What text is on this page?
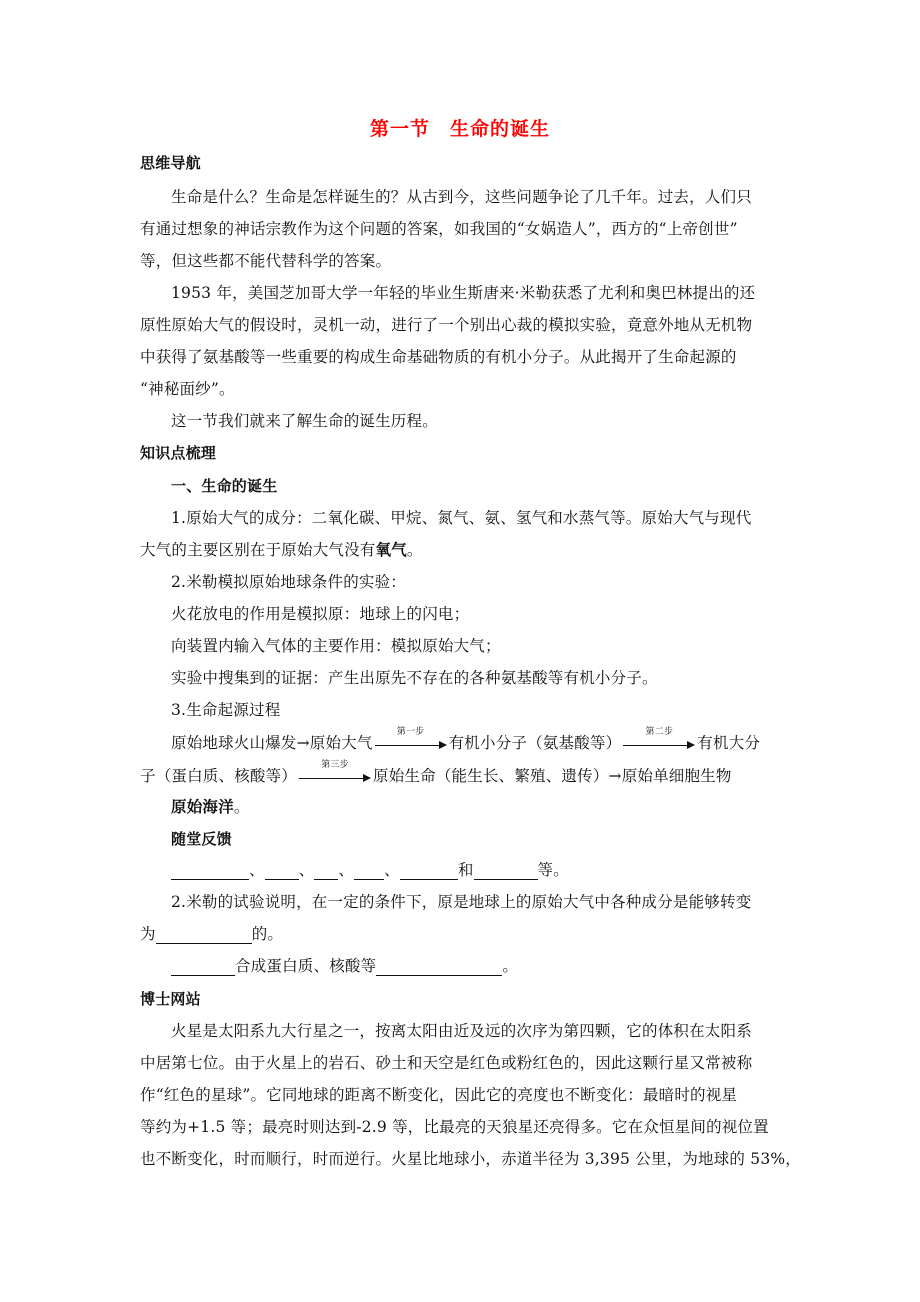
第一节　生命的诞生
思维导航
生命是什么？生命是怎样诞生的？从古到今，这些问题争论了几千年。过去，人们只
有通过想象的神话宗教作为这个问题的答案，如我国的“女娲造人”，西方的“上帝创世”
等，但这些都不能代替科学的答案。
1953 年，美国芝加哥大学一年轻的毕业生斯唐来·米勒获悉了尤利和奥巴林提出的还
原性原始大气的假设时，灵机一动，进行了一个别出心裁的模拟实验，竟意外地从无机物
中获得了氨基酸等一些重要的构成生命基础物质的有机小分子。从此揭开了生命起源的
“神秘面纱”。
这一节我们就来了解生命的诞生历程。
知识点梳理
一、生命的诞生
1.原始大气的成分：二氧化碳、甲烷、氮气、氨、氢气和水蒸气等。原始大气与现代
大气的主要区别在于原始大气没有氧气。
2.米勒模拟原始地球条件的实验：
火花放电的作用是模拟原：地球上的闪电；
向装置内输入气体的主要作用：模拟原始大气；
实验中搜集到的证据：产生出原先不存在的各种氨基酸等有机小分子。
3.生命起源过程
原始地球火山爆发→原始大气
第一步
有机小分子（氨基酸等）
第二步
有机大分
子（蛋白质、核酸等）
第三步
原始生命（能生长、繁殖、遗传）→原始单细胞生物
原始海洋。
随堂反馈
、 、 、 、	和	等。
2.米勒的试验说明，在一定的条件下，原是地球上的原始大气中各种成分是能够转变
为	的。
合成蛋白质、核酸等	。
博士网站
火星是太阳系九大行星之一，按离太阳由近及远的次序为第四颗，它的体积在太阳系
中居第七位。由于火星上的岩石、砂土和天空是红色或粉红色的，因此这颗行星又常被称
作“红色的星球”。它同地球的距离不断变化，因此它的亮度也不断变化：最暗时的视星
等约为+1.5 等；最亮时则达到-2.9 等，比最亮的天狼星还亮得多。它在众恒星间的视位置
也不断变化，时而顺行，时而逆行。火星比地球小，赤道半径为 3,395 公里，为地球的 53%，
